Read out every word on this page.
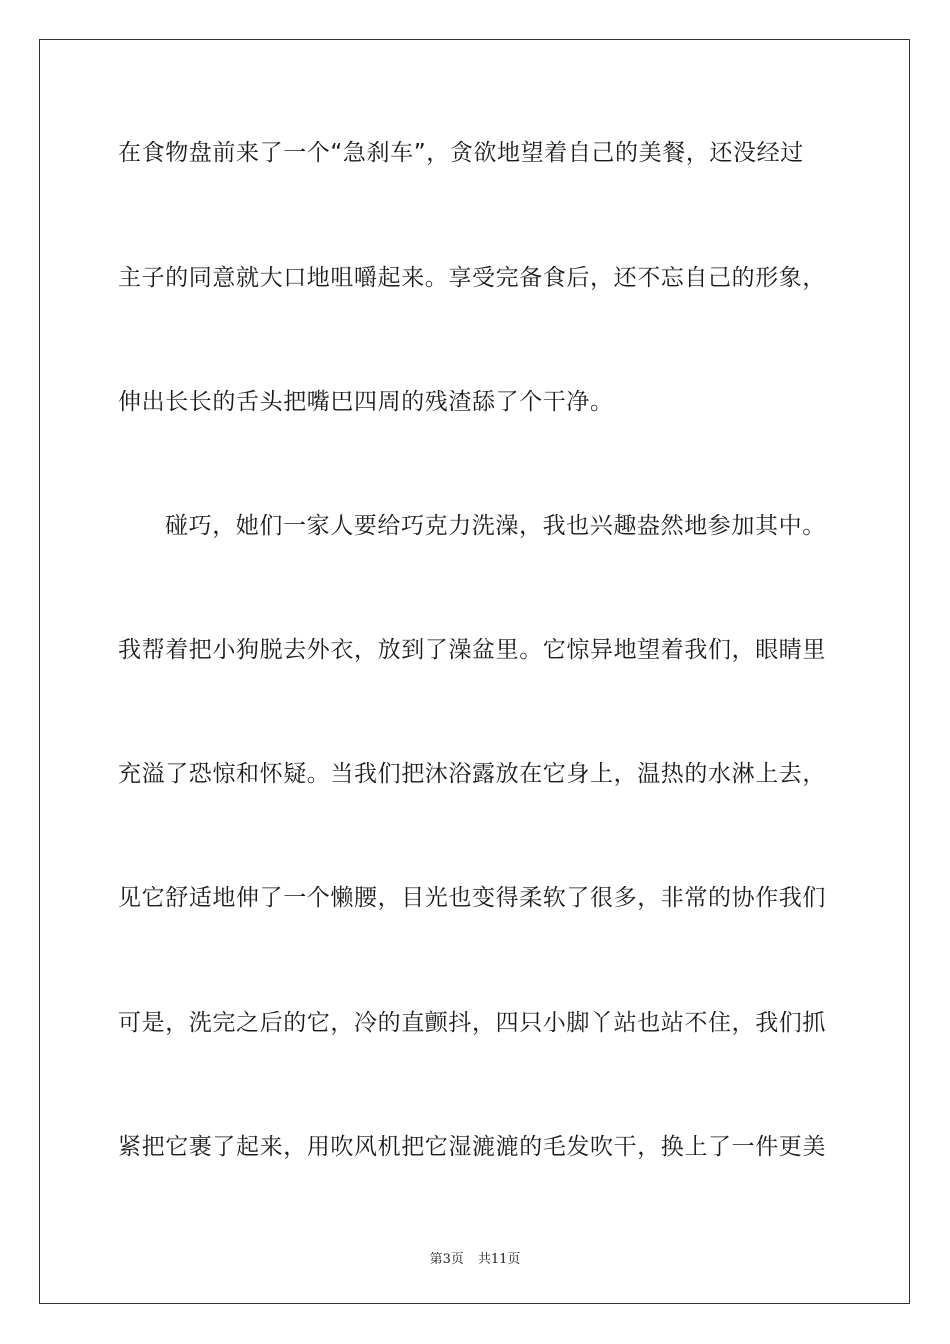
在食物盘前来了一个“急刹车”，贪欲地望着自己的美餐，还没经过
主子的同意就大口地咀嚼起来。享受完备食后，还不忘自己的形象，
伸出长长的舌头把嘴巴四周的残渣舔了个干净。
碰巧，她们一家人要给巧克力洗澡，我也兴趣盎然地参加其中。
我帮着把小狗脱去外衣，放到了澡盆里。它惊异地望着我们，眼睛里
充溢了恐惊和怀疑。当我们把沐浴露放在它身上，温热的水淋上去，
见它舒适地伸了一个懒腰，目光也变得柔软了很多，非常的协作我们
可是，洗完之后的它，冷的直颤抖，四只小脚丫站也站不住，我们抓
紧把它裹了起来，用吹风机把它湿漉漉的毛发吹干，换上了一件更美
第3页 共11页
